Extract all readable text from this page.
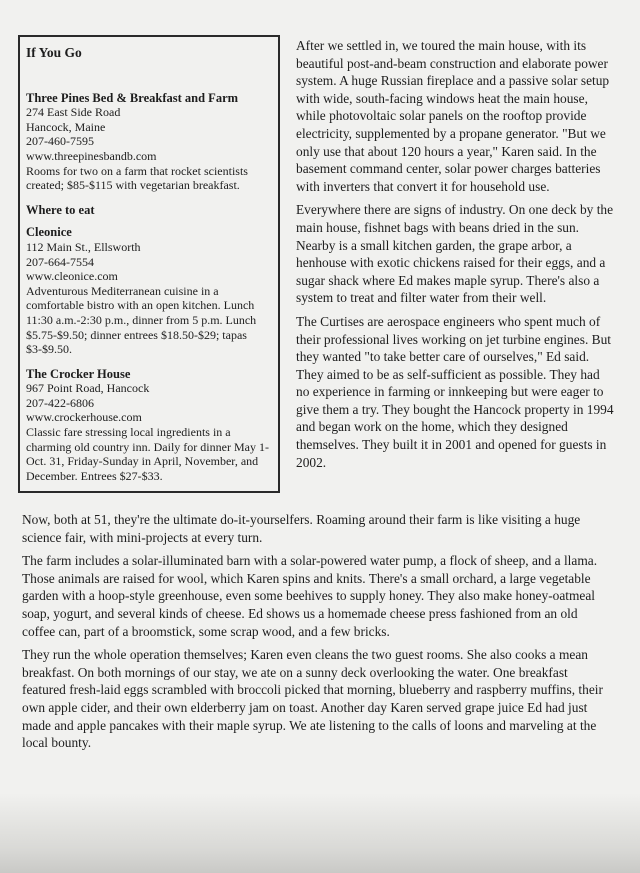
If You Go
Three Pines Bed & Breakfast and Farm

274 East Side Road

Hancock, Maine

207-460-7595

www.threepinesbandb.com

Rooms for two on a farm that rocket scientists created; $85-$115 with vegetarian breakfast.

Where to eat
Cleonice

112 Main St., Ellsworth

207-664-7554

www.cleonice.com

Adventurous Mediterranean cuisine in a comfortable bistro with an open kitchen. Lunch 11:30 a.m.-2:30 p.m., dinner from 5 p.m. Lunch $5.75-$9.50; dinner entrees $18.50-$29; tapas $3-$9.50.

The Crocker House

967 Point Road, Hancock

207-422-6806

www.crockerhouse.com

Classic fare stressing local ingredients in a charming old country inn. Daily for dinner May 1-Oct. 31, Friday-Sunday in April, November, and December. Entrees $27-$33.

After we settled in, we toured the main house, with its beautiful post-and-beam construction and elaborate power system. A huge Russian fireplace and a passive solar setup with wide, south-facing windows heat the main house, while photovoltaic solar panels on the rooftop provide electricity, supplemented by a propane generator. "But we only use that about 120 hours a year," Karen said. In the basement command center, solar power charges batteries with inverters that convert it for household use.

Everywhere there are signs of industry. On one deck by the main house, fishnet bags with beans dried in the sun. Nearby is a small kitchen garden, the grape arbor, a henhouse with exotic chickens raised for their eggs, and a sugar shack where Ed makes maple syrup. There's also a system to treat and filter water from their well.

The Curtises are aerospace engineers who spent much of their professional lives working on jet turbine engines. But they wanted "to take better care of ourselves," Ed said. They aimed to be as self-sufficient as possible. They had no experience in farming or innkeeping but were eager to give them a try. They bought the Hancock property in 1994 and began work on the home, which they designed themselves. They built it in 2001 and opened for guests in 2002.

Now, both at 51, they're the ultimate do-it-yourselfers. Roaming around their farm is like visiting a huge science fair, with mini-projects at every turn.

The farm includes a solar-illuminated barn with a solar-powered water pump, a flock of sheep, and a llama. Those animals are raised for wool, which Karen spins and knits. There's a small orchard, a large vegetable garden with a hoop-style greenhouse, even some beehives to supply honey. They also make honey-oatmeal soap, yogurt, and several kinds of cheese. Ed shows us a homemade cheese press fashioned from an old coffee can, part of a broomstick, some scrap wood, and a few bricks.

They run the whole operation themselves; Karen even cleans the two guest rooms. She also cooks a mean breakfast. On both mornings of our stay, we ate on a sunny deck overlooking the water. One breakfast featured fresh-laid eggs scrambled with broccoli picked that morning, blueberry and raspberry muffins, their own apple cider, and their own elderberry jam on toast. Another day Karen served grape juice Ed had just made and apple pancakes with their maple syrup. We ate listening to the calls of loons and marveling at the local bounty.
